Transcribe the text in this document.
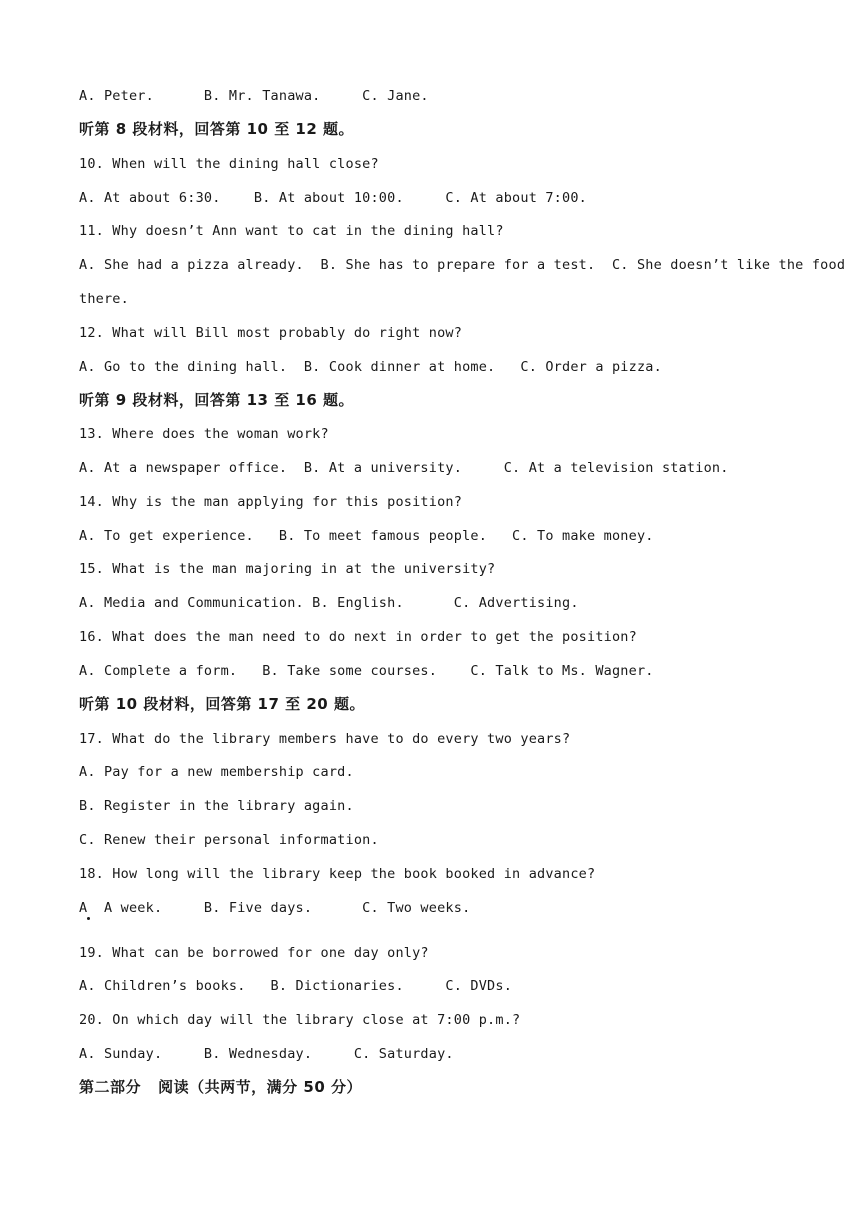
A. Peter.      B. Mr. Tanawa.     C. Jane.
听第 8 段材料，回答第 10 至 12 题。
10. When will the dining hall close?
A. At about 6:30.    B. At about 10:00.     C. At about 7:00.
11. Why doesn’t Ann want to cat in the dining hall?
A. She had a pizza already.  B. She has to prepare for a test.  C. She doesn’t like the food
there.
12. What will Bill most probably do right now?
A. Go to the dining hall.  B. Cook dinner at home.   C. Order a pizza.
听第 9 段材料，回答第 13 至 16 题。
13. Where does the woman work?
A. At a newspaper office.  B. At a university.     C. At a television station.
14. Why is the man applying for this position?
A. To get experience.   B. To meet famous people.   C. To make money.
15. What is the man majoring in at the university?
A. Media and Communication. B. English.      C. Advertising.
16. What does the man need to do next in order to get the position?
A. Complete a form.   B. Take some courses.    C. Talk to Ms. Wagner.
听第 10 段材料，回答第 17 至 20 题。
17. What do the library members have to do every two years?
A. Pay for a new membership card.
B. Register in the library again.
C. Renew their personal information.
18. How long will the library keep the book booked in advance?
A  A week.     B. Five days.      C. Two weeks.
19. What can be borrowed for one day only?
A. Children’s books.   B. Dictionaries.     C. DVDs.
20. On which day will the library close at 7:00 p.m.?
A. Sunday.     B. Wednesday.     C. Saturday.
第二部分   阅读（共两节，满分 50 分）
